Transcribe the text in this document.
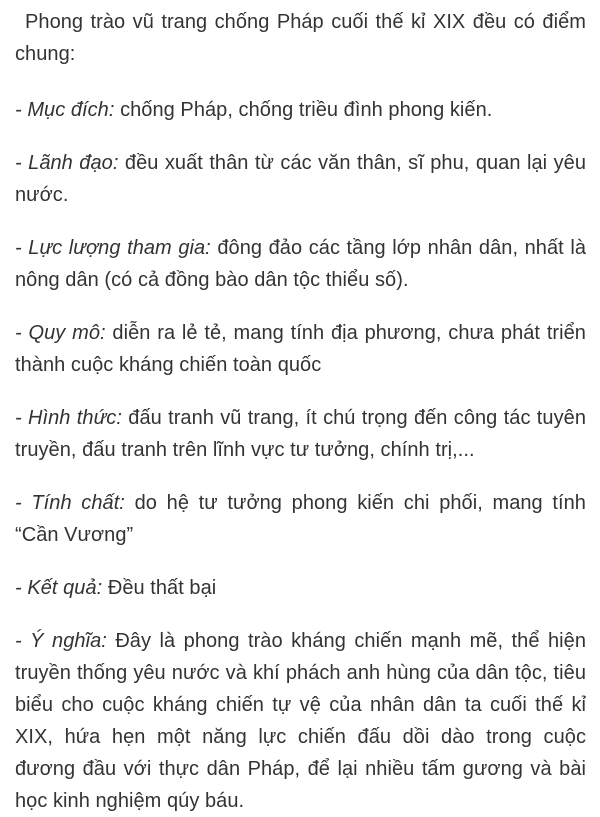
Phong trào vũ trang chống Pháp cuối thế kỉ XIX đều có điểm chung:

- Mục đích: chống Pháp, chống triều đình phong kiến.

- Lãnh đạo: đều xuất thân từ các văn thân, sĩ phu, quan lại yêu nước.

- Lực lượng tham gia: đông đảo các tầng lớp nhân dân, nhất là nông dân (có cả đồng bào dân tộc thiểu số).

- Quy mô: diễn ra lẻ tẻ, mang tính địa phương, chưa phát triển thành cuộc kháng chiến toàn quốc

- Hình thức: đấu tranh vũ trang, ít chú trọng đến công tác tuyên truyền, đấu tranh trên lĩnh vực tư tưởng, chính trị,...

- Tính chất: do hệ tư tưởng phong kiến chi phối, mang tính “Cần Vương”

- Kết quả: Đều thất bại

- Ý nghĩa: Đây là phong trào kháng chiến mạnh mẽ, thể hiện truyền thống yêu nước và khí phách anh hùng của dân tộc, tiêu biểu cho cuộc kháng chiến tự vệ của nhân dân ta cuối thế kỉ XIX, hứa hẹn một năng lực chiến đấu dồi dào trong cuộc đương đầu với thực dân Pháp, để lại nhiều tấm gương và bài học kinh nghiệm qúy báu.
